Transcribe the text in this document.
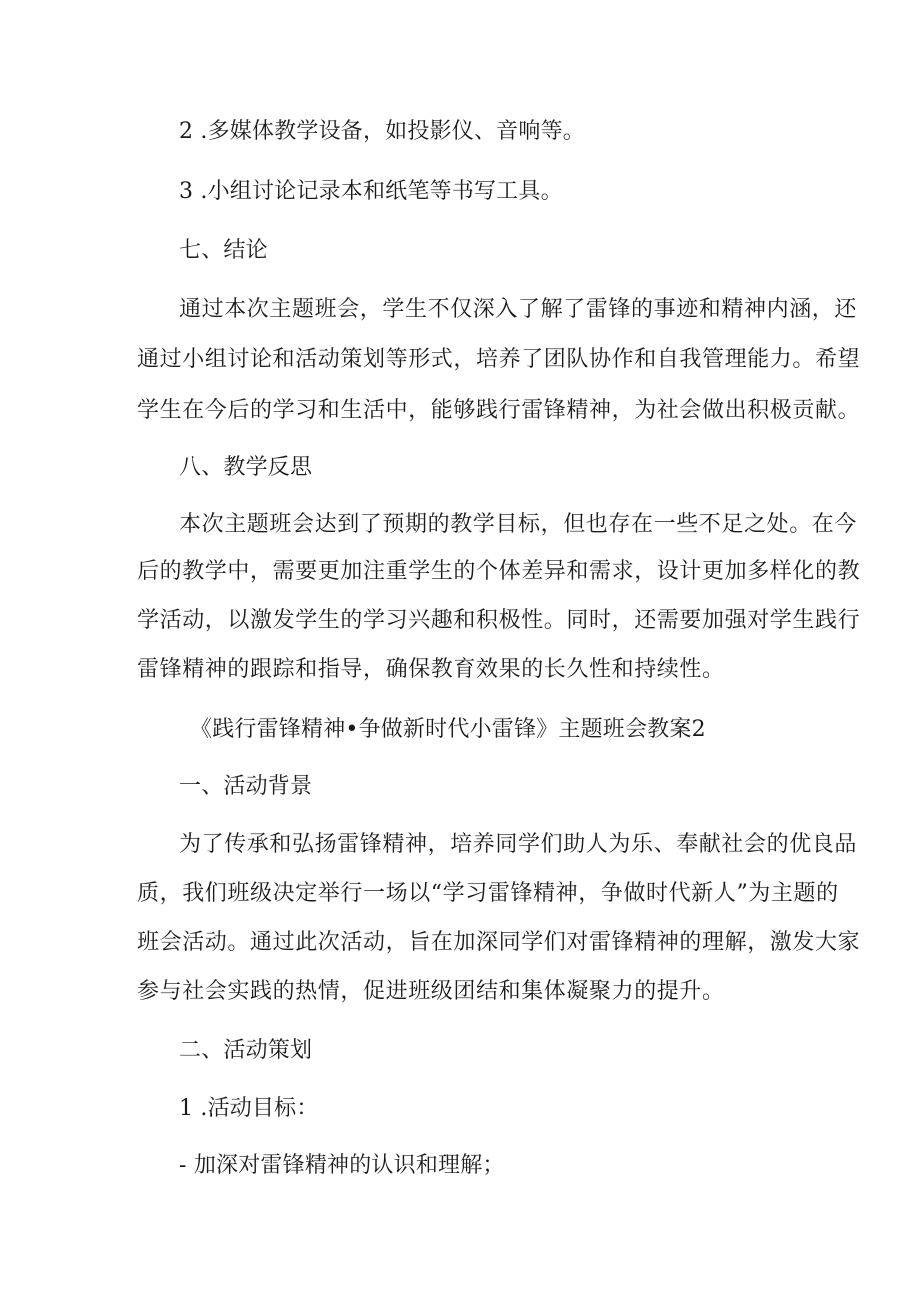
2 .多媒体教学设备，如投影仪、音响等。
3 .小组讨论记录本和纸笔等书写工具。
七、结论
通过本次主题班会，学生不仅深入了解了雷锋的事迹和精神内涵，还
通过小组讨论和活动策划等形式，培养了团队协作和自我管理能力。希望
学生在今后的学习和生活中，能够践行雷锋精神，为社会做出积极贡献。
八、教学反思
本次主题班会达到了预期的教学目标，但也存在一些不足之处。在今
后的教学中，需要更加注重学生的个体差异和需求，设计更加多样化的教
学活动，以激发学生的学习兴趣和积极性。同时，还需要加强对学生践行
雷锋精神的跟踪和指导，确保教育效果的长久性和持续性。
《践行雷锋精神•争做新时代小雷锋》主题班会教案2
一、活动背景
为了传承和弘扬雷锋精神，培养同学们助人为乐、奉献社会的优良品
质，我们班级决定举行一场以“学习雷锋精神，争做时代新人”为主题的
班会活动。通过此次活动，旨在加深同学们对雷锋精神的理解，激发大家
参与社会实践的热情，促进班级团结和集体凝聚力的提升。
二、活动策划
1 .活动目标：
- 加深对雷锋精神的认识和理解；
